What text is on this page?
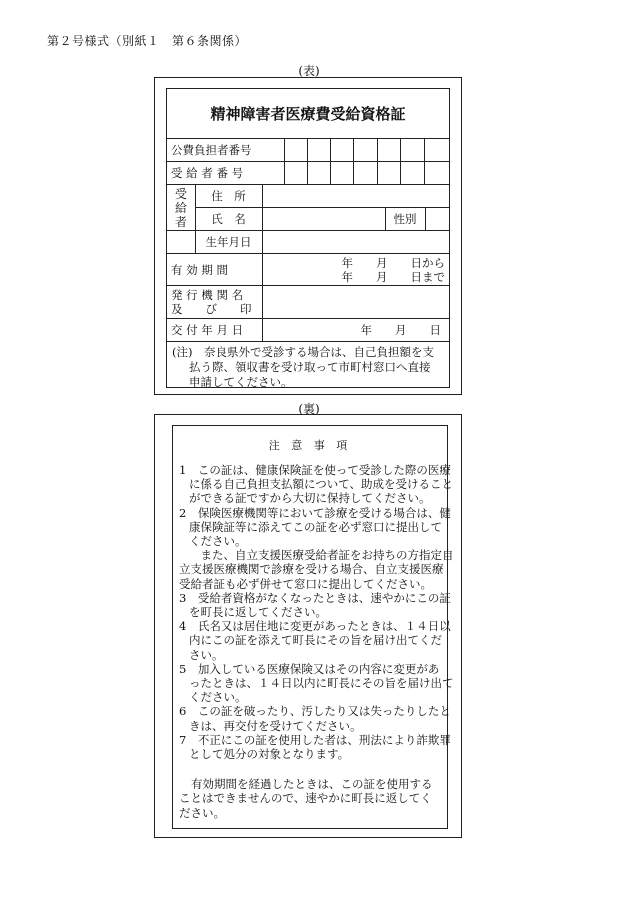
第２号様式（別紙１　第６条関係）
(表)
精神障害者医療費受給資格証
公費負担者番号
受 給 者 番 号
受
給
者
住　所
氏　名	性別
生年月日
有 効 期 間	年　　月　　日から
年　　月　　日まで
発 行 機 関 名
及　　び　　印
交 付 年 月 日	年　　月　　日
(注)　奈良県外で受診する場合は、自己負担額を支
払う際、領収書を受け取って市町村窓口へ直接
申請してください。
(裏)
注 意 事 項
1　この証は、健康保険証を使って受診した際の医療
に係る自己負担支払額について、助成を受けること
ができる証ですから大切に保持してください。
2　保険医療機関等において診療を受ける場合は、健
康保険証等に添えてこの証を必ず窓口に提出して
ください。
　また、自立支援医療受給者証をお持ちの方指定自
立支援医療機関で診療を受ける場合、自立支援医療
受給者証も必ず併せて窓口に提出してください。
3　受給者資格がなくなったときは、速やかにこの証
を町長に返してください。
4　氏名又は居住地に変更があったときは、１４日以
内にこの証を添えて町長にその旨を届け出てくだ
さい。
5　加入している医療保険又はその内容に変更があ
ったときは、１４日以内に町長にその旨を届け出て
ください。
6　この証を破ったり、汚したり又は失ったりしたと
きは、再交付を受けてください。
7　不正にこの証を使用した者は、刑法により詐欺罪
として処分の対象となります。
有効期間を経過したときは、この証を使用する
ことはできませんので、速やかに町長に返してく
ださい。
